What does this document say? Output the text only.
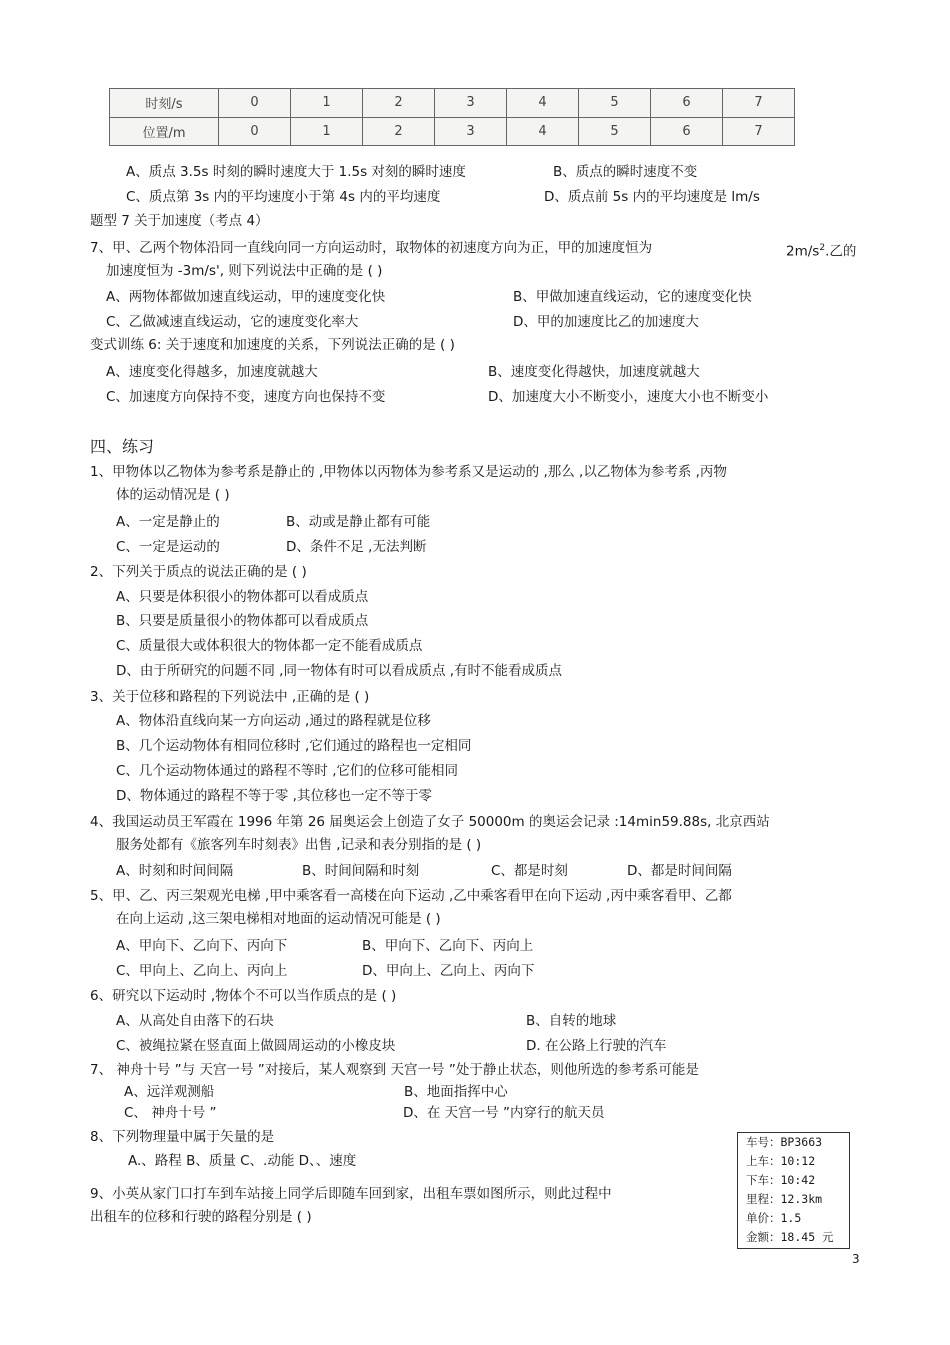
时刻/s	0	1	2	3	4	5	6	7
位置/m	0	1	2	3	4	5	6	7
A、质点 3.5s 时刻的瞬时速度大于 1.5s 对刻的瞬时速度	B、质点的瞬时速度不变
C、质点第 3s 内的平均速度小于第 4s 内的平均速度	D、质点前 5s 内的平均速度是 lm/s
题型 7 关于加速度（考点 4）
7、甲、乙两个物体沿同一直线向同一方向运动时，取物体的初速度方向为正，甲的加速度恒为	$2m/s^2$.乙的
加速度恒为 -3m/s', 则下列说法中正确的是 ( )
A、两物体都做加速直线运动，甲的速度变化快	B、甲做加速直线运动，它的速度变化快
C、乙做减速直线运动，它的速度变化率大	D、甲的加速度比乙的加速度大
变式训练 6: 关于速度和加速度的关系，下列说法正确的是 ( )
A、速度变化得越多，加速度就越大	B、速度变化得越快，加速度就越大
C、加速度方向保持不变，速度方向也保持不变	D、加速度大小不断变小，速度大小也不断变小
四、练习
1、甲物体以乙物体为参考系是静止的 ,甲物体以丙物体为参考系又是运动的 ,那么 ,以乙物体为参考系 ,丙物
体的运动情况是 ( )
A、一定是静止的	B、动或是静止都有可能
C、一定是运动的	D、条件不足 ,无法判断
2、下列关于质点的说法正确的是 ( )
A、只要是体积很小的物体都可以看成质点
B、只要是质量很小的物体都可以看成质点
C、质量很大或体积很大的物体都一定不能看成质点
D、由于所研究的问题不同 ,同一物体有时可以看成质点 ,有时不能看成质点
3、关于位移和路程的下列说法中 ,正确的是 ( )
A、物体沿直线向某一方向运动 ,通过的路程就是位移
B、几个运动物体有相同位移时 ,它们通过的路程也一定相同
C、几个运动物体通过的路程不等时 ,它们的位移可能相同
D、物体通过的路程不等于零 ,其位移也一定不等于零
4、我国运动员王军霞在 1996 年第 26 届奥运会上创造了女子 50000m 的奥运会记录 :14min59.88s, 北京西站
服务处都有《旅客列车时刻表》出售 ,记录和表分别指的是 ( )
A、时刻和时间间隔	B、时间间隔和时刻	C、都是时刻	D、都是时间间隔
5、甲、乙、丙三架观光电梯 ,甲中乘客看一高楼在向下运动 ,乙中乘客看甲在向下运动 ,丙中乘客看甲、乙都
在向上运动 ,这三架电梯相对地面的运动情况可能是 ( )
A、甲向下、乙向下、丙向下	B、甲向下、乙向下、丙向上
C、甲向上、乙向上、丙向上	D、甲向上、乙向上、丙向下
6、研究以下运动时 ,物体个不可以当作质点的是 ( )
A、从高处自由落下的石块	B、自转的地球
C、被绳拉紧在竖直面上做圆周运动的小橡皮块	D. 在公路上行驶的汽车
7、 神舟十号 ”与 天宫一号 ”对接后，某人观察到 天宫一号 ”处于静止状态，则他所选的参考系可能是
A、远洋观测船	B、地面指挥中心
C、 神舟十号 ”	D、在 天宫一号 ”内穿行的航天员
8、下列物理量中属于矢量的是
A.、路程 B、质量 C、.动能 D、、速度
9、小英从家门口打车到车站接上同学后即随车回到家，出租车票如图所示，则此过程中
出租车的位移和行驶的路程分别是 ( )
车号：BP3663
上车：10:12
下车：10:42
里程：12.3km
单价：1.5
金额：18.45 元
3
